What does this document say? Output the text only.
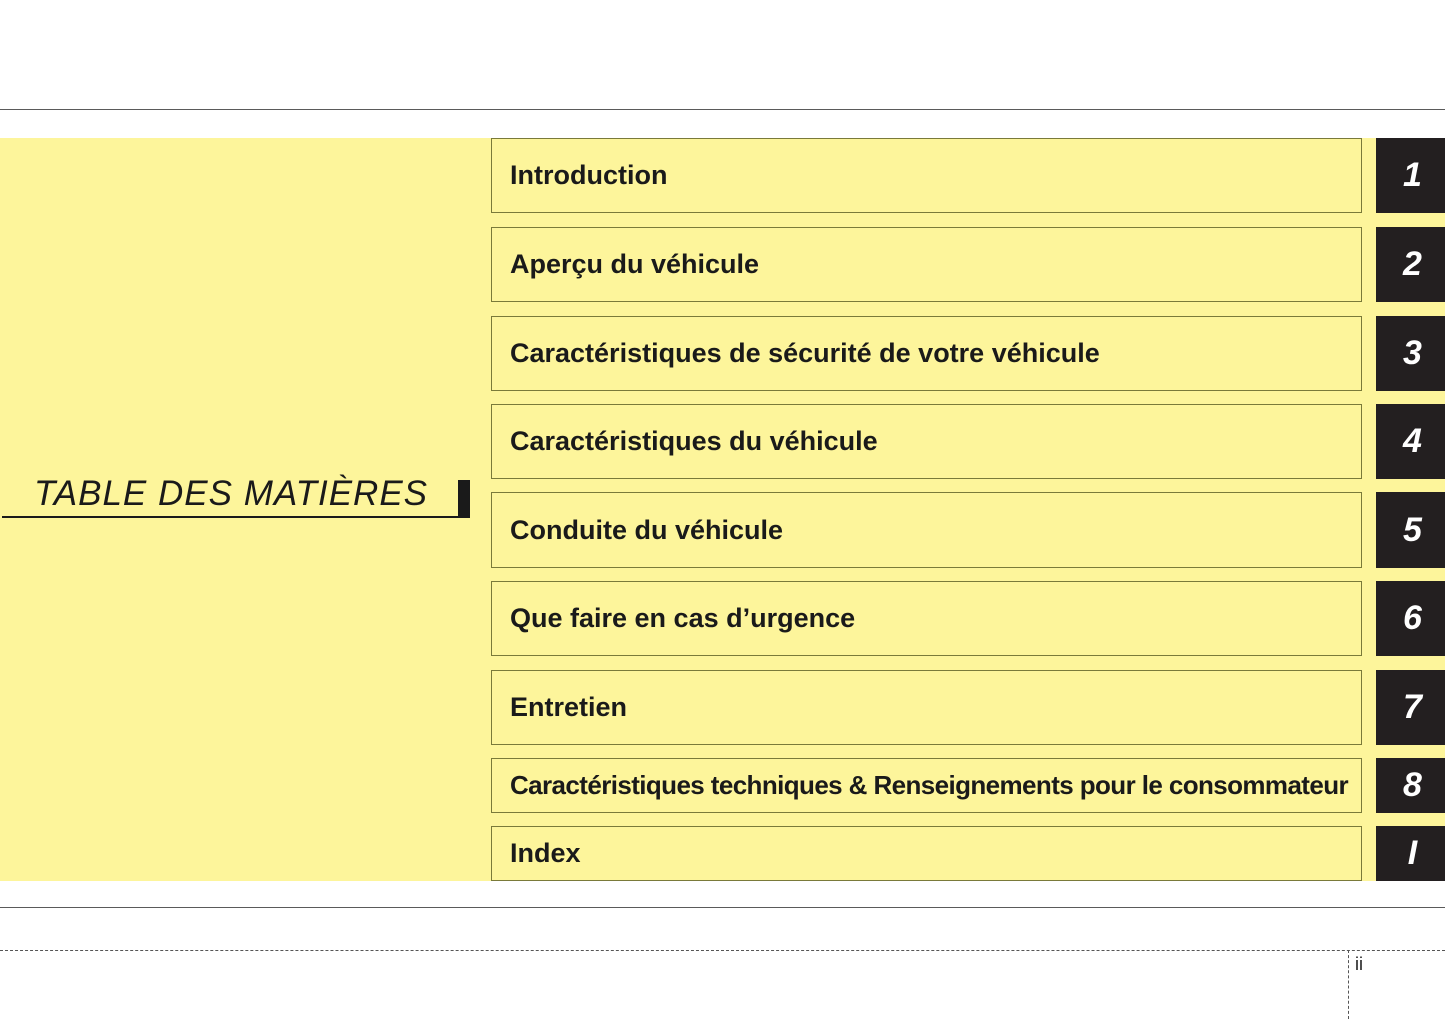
TABLE DES MATIÈRES
Introduction	1
Aperçu du véhicule	2
Caractéristiques de sécurité de votre véhicule	3
Caractéristiques du véhicule	4
Conduite du véhicule	5
Que faire en cas d’urgence	6
Entretien	7
Caractéristiques techniques & Renseignements pour le consommateur	8
Index	I
ii
